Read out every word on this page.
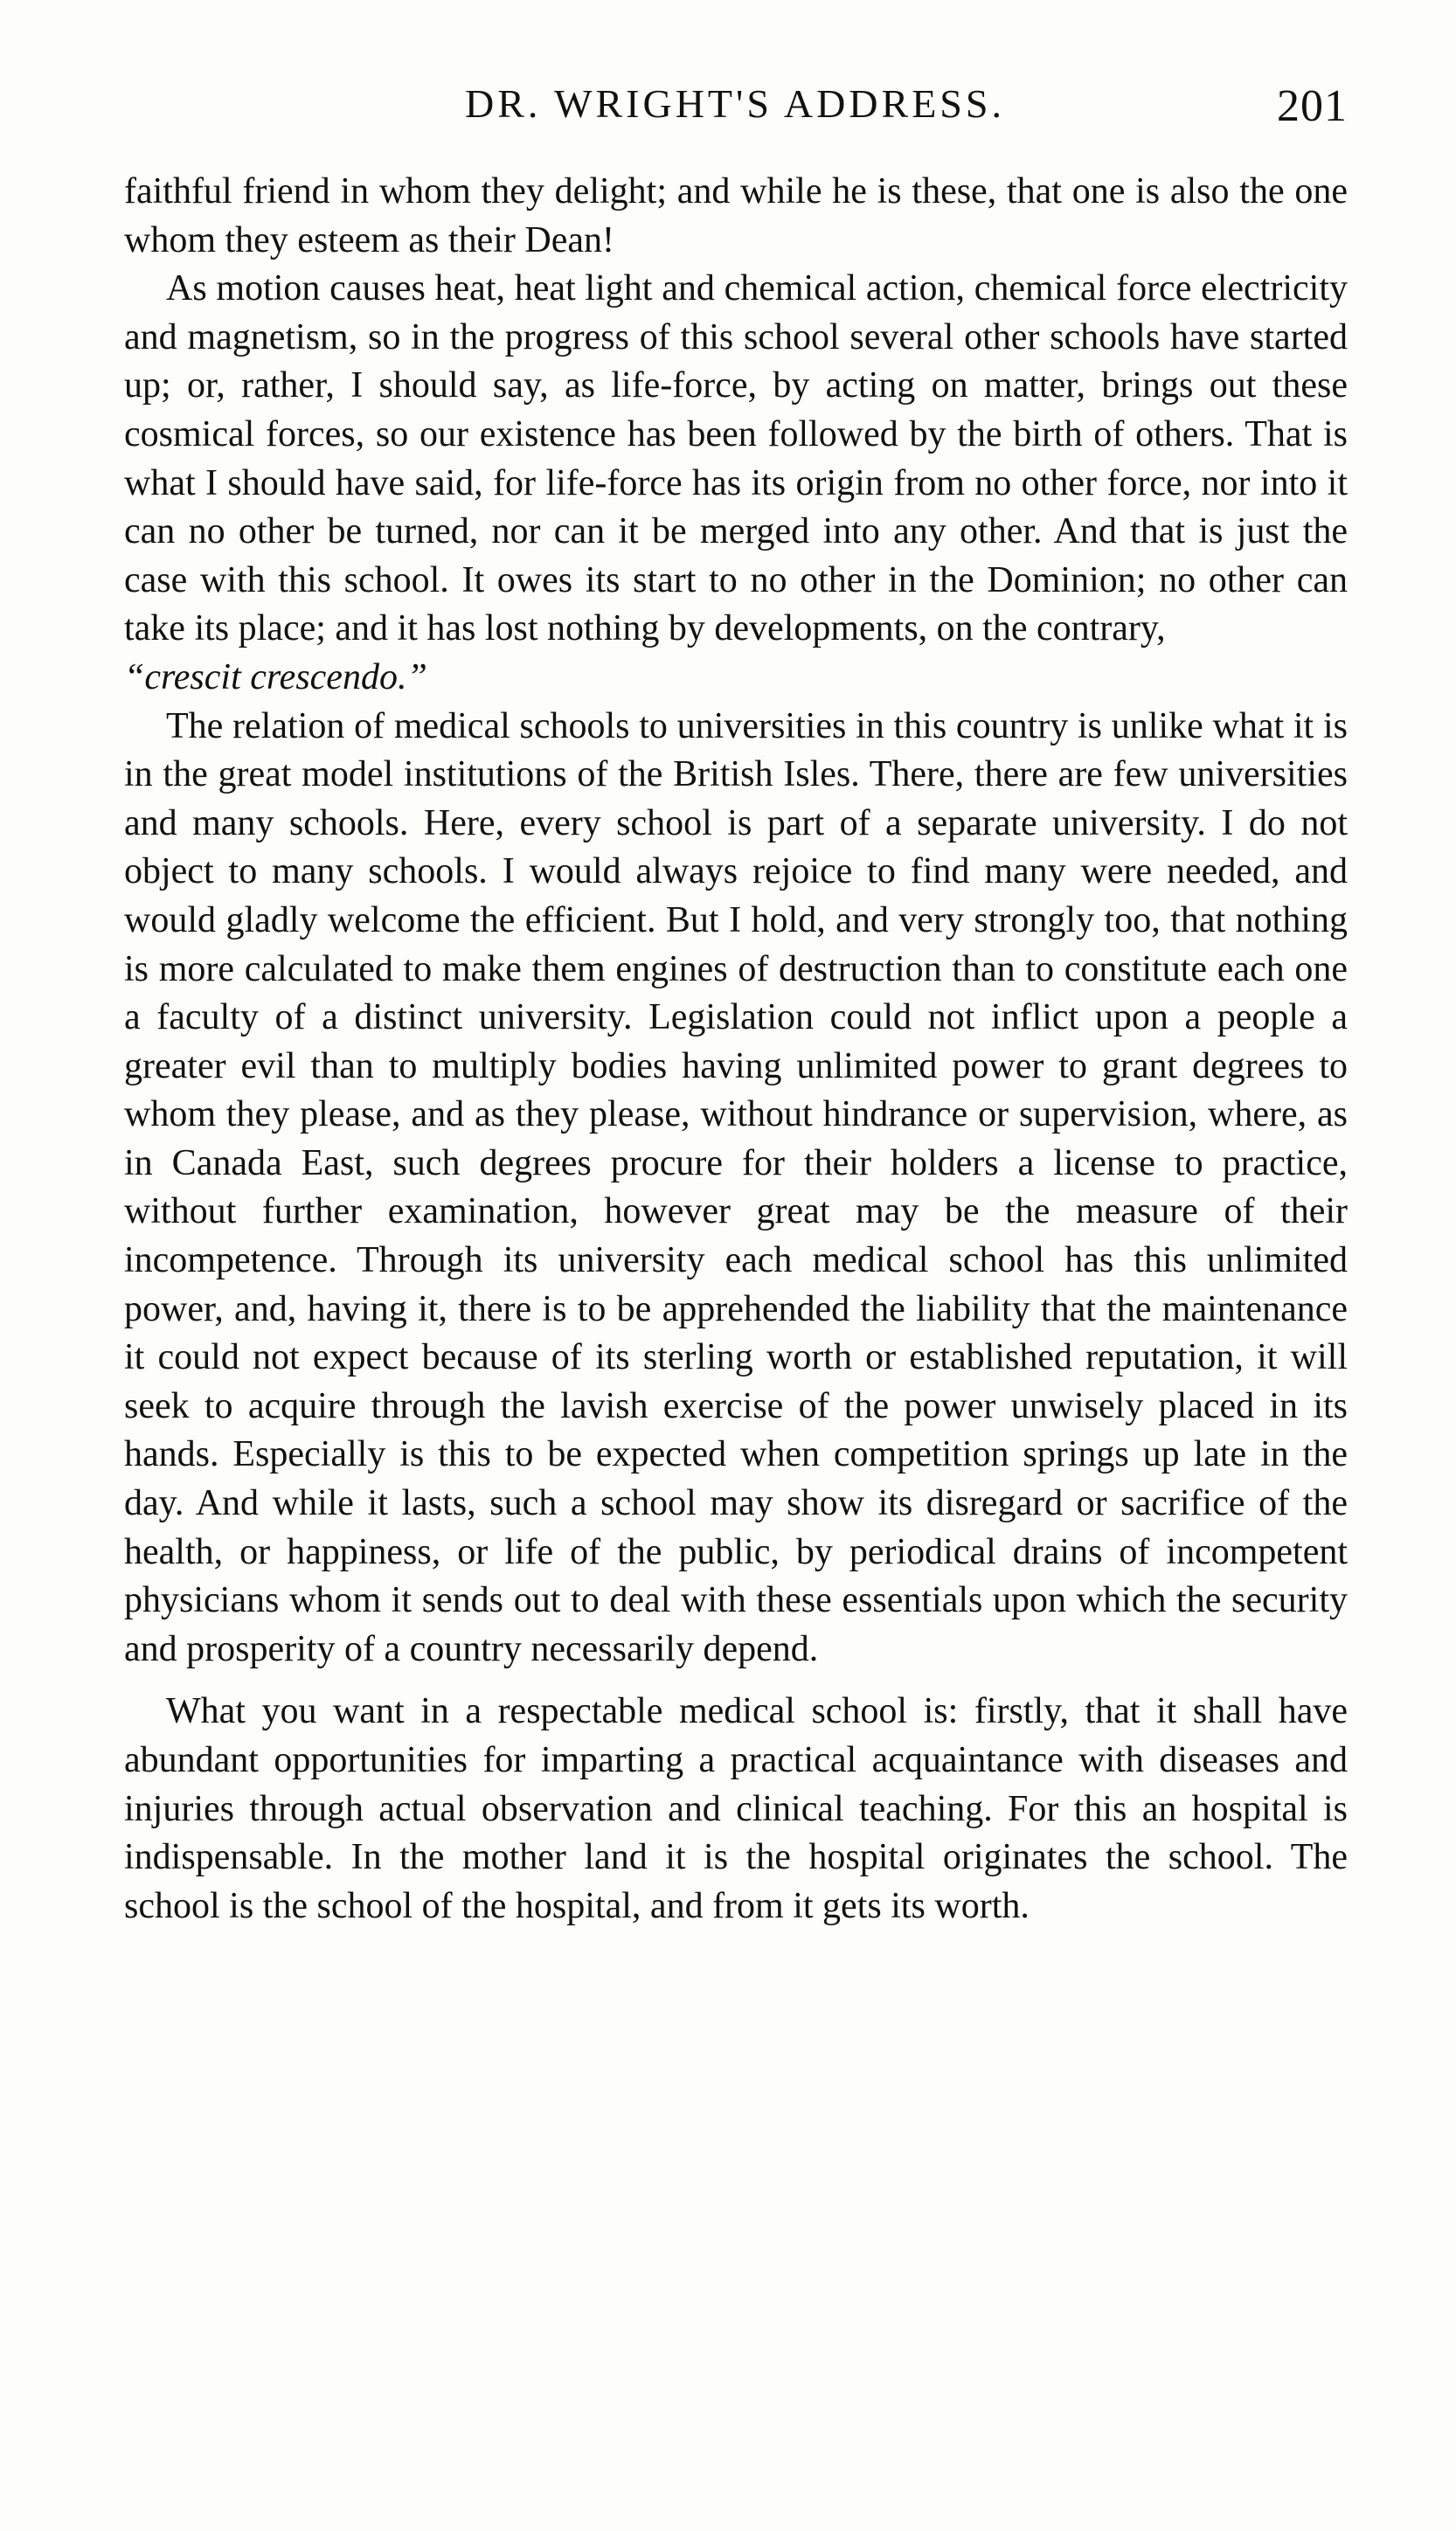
DR. WRIGHT'S ADDRESS.	201

faithful friend in whom they delight; and while he is these, that one is also the one whom they esteem as their Dean!

As motion causes heat, heat light and chemical action, chemical force electricity and magnetism, so in the progress of this school several other schools have started up; or, rather, I should say, as life-force, by acting on matter, brings out these cosmical forces, so our existence has been followed by the birth of others. That is what I should have said, for life-force has its origin from no other force, nor into it can no other be turned, nor can it be merged into any other. And that is just the case with this school. It owes its start to no other in the Dominion; no other can take its place; and it has lost nothing by developments, on the contrary,
“crescit crescendo.”

The relation of medical schools to universities in this country is unlike what it is in the great model institutions of the British Isles. There, there are few universities and many schools. Here, every school is part of a separate university. I do not object to many schools. I would always rejoice to find many were needed, and would gladly welcome the efficient. But I hold, and very strongly too, that nothing is more calculated to make them engines of destruction than to constitute each one a faculty of a distinct university. Legislation could not inflict upon a people a greater evil than to multiply bodies having unlimited power to grant degrees to whom they please, and as they please, without hindrance or supervision, where, as in Canada East, such degrees procure for their holders a license to practice, without further examination, however great may be the measure of their incompetence. Through its university each medical school has this unlimited power, and, having it, there is to be apprehended the liability that the maintenance it could not expect because of its sterling worth or established reputation, it will seek to acquire through the lavish exercise of the power unwisely placed in its hands. Especially is this to be expected when competition springs up late in the day. And while it lasts, such a school may show its disregard or sacrifice of the health, or happiness, or life of the public, by periodical drains of incompetent physicians whom it sends out to deal with these essentials upon which the security and prosperity of a country necessarily depend.

What you want in a respectable medical school is: firstly, that it shall have abundant opportunities for imparting a practical acquaintance with diseases and injuries through actual observation and clinical teaching. For this an hospital is indispensable. In the mother land it is the hospital originates the school. The school is the school of the hospital, and from it gets its worth.
